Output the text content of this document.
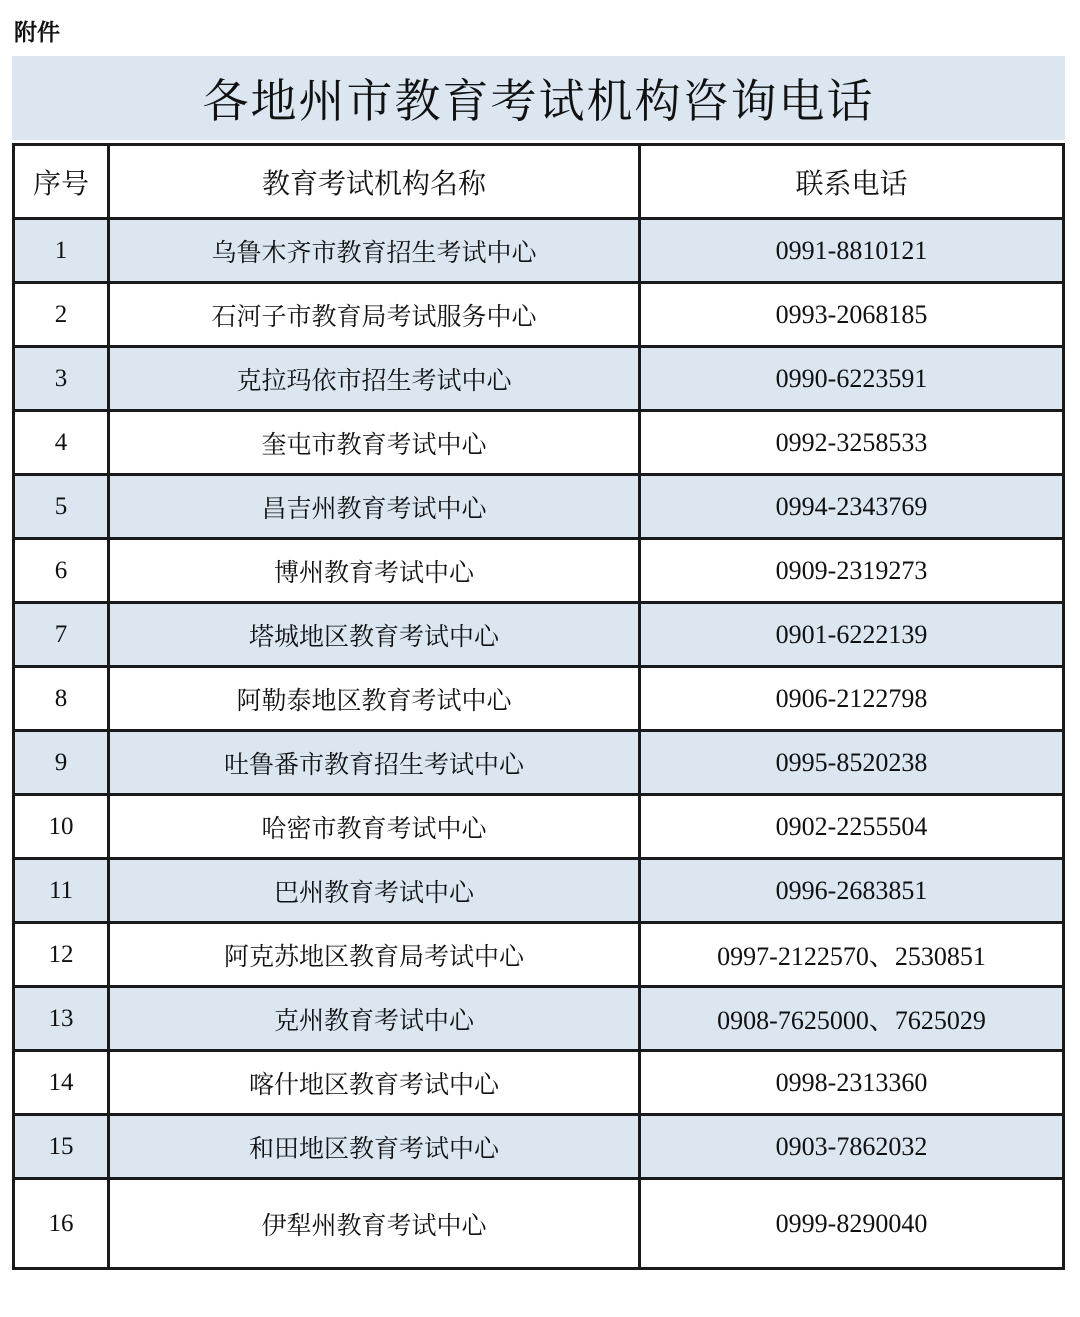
附件
各地州市教育考试机构咨询电话
序号	教育考试机构名称	联系电话
1	乌鲁木齐市教育招生考试中心	0991-8810121
2	石河子市教育局考试服务中心	0993-2068185
3	克拉玛依市招生考试中心	0990-6223591
4	奎屯市教育考试中心	0992-3258533
5	昌吉州教育考试中心	0994-2343769
6	博州教育考试中心	0909-2319273
7	塔城地区教育考试中心	0901-6222139
8	阿勒泰地区教育考试中心	0906-2122798
9	吐鲁番市教育招生考试中心	0995-8520238
10	哈密市教育考试中心	0902-2255504
11	巴州教育考试中心	0996-2683851
12	阿克苏地区教育局考试中心	0997-2122570、2530851
13	克州教育考试中心	0908-7625000、7625029
14	喀什地区教育考试中心	0998-2313360
15	和田地区教育考试中心	0903-7862032
16	伊犁州教育考试中心	0999-8290040
